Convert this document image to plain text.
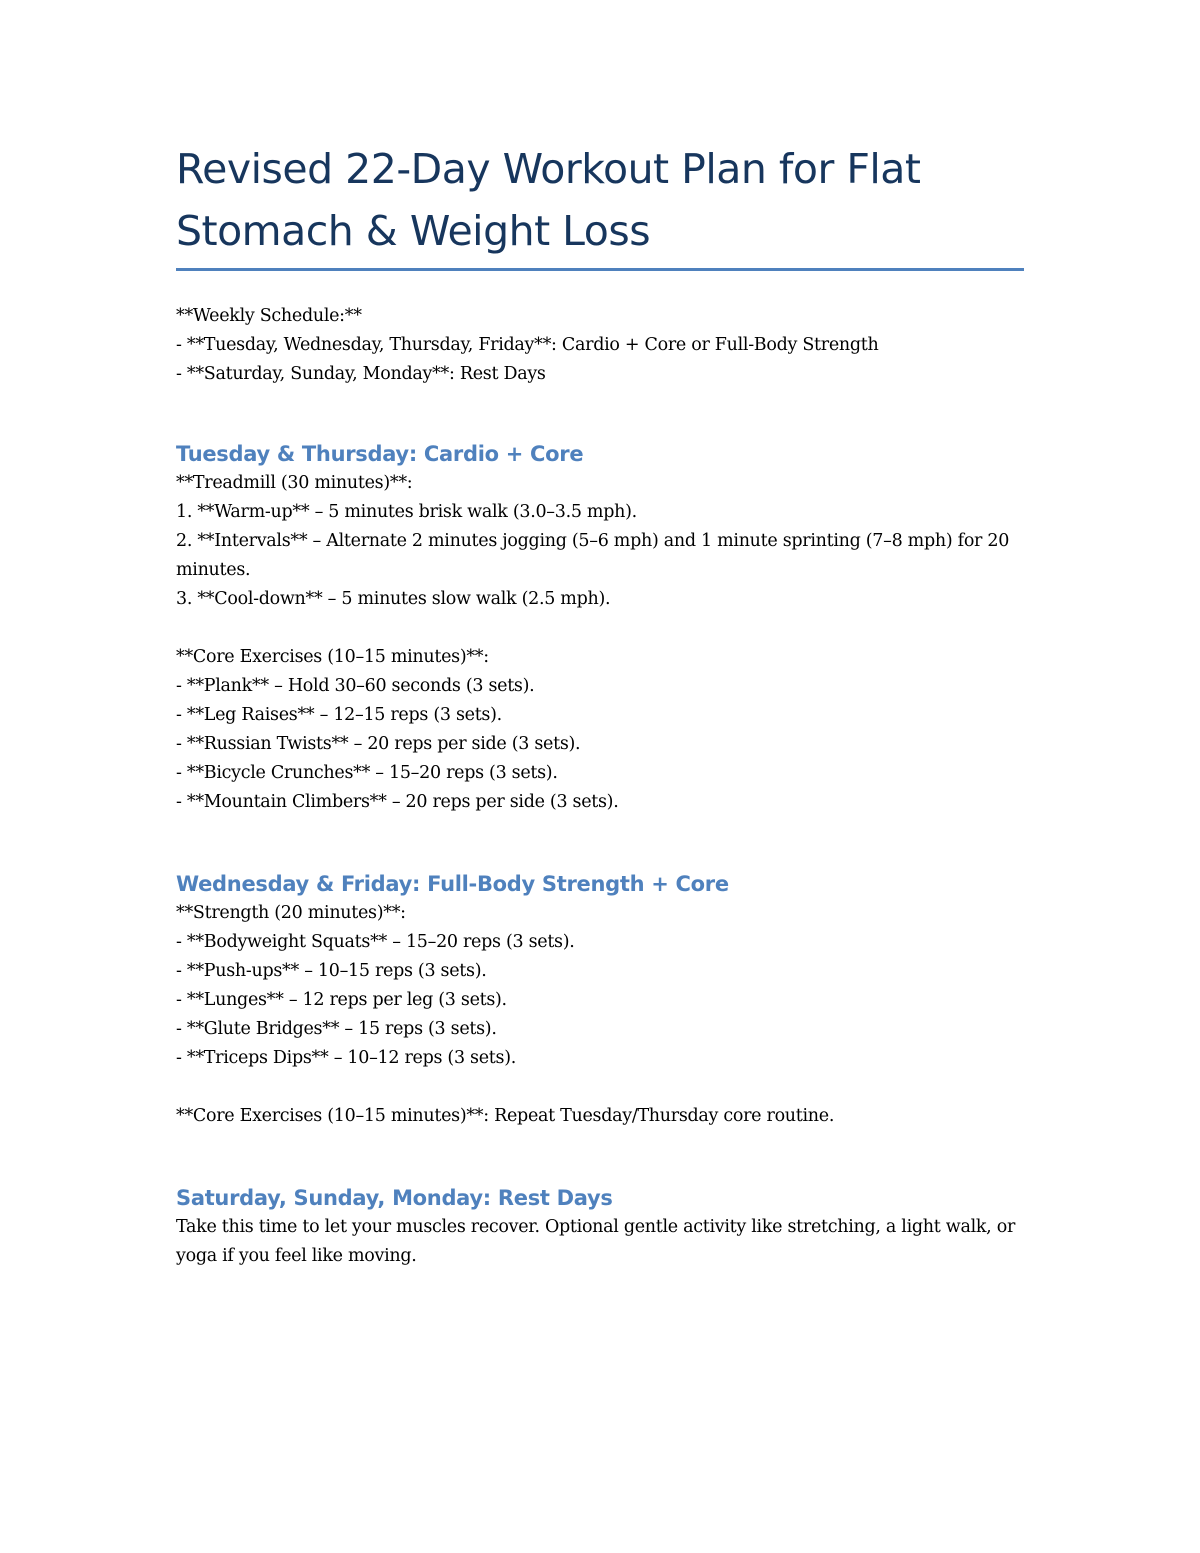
Revised 22-Day Workout Plan for Flat Stomach & Weight Loss
**Weekly Schedule:**
- **Tuesday, Wednesday, Thursday, Friday**: Cardio + Core or Full-Body Strength
- **Saturday, Sunday, Monday**: Rest Days
Tuesday & Thursday: Cardio + Core
**Treadmill (30 minutes)**:
1. **Warm-up** – 5 minutes brisk walk (3.0–3.5 mph).
2. **Intervals** – Alternate 2 minutes jogging (5–6 mph) and 1 minute sprinting (7–8 mph) for 20 minutes.
3. **Cool-down** – 5 minutes slow walk (2.5 mph).
**Core Exercises (10–15 minutes)**:
- **Plank** – Hold 30–60 seconds (3 sets).
- **Leg Raises** – 12–15 reps (3 sets).
- **Russian Twists** – 20 reps per side (3 sets).
- **Bicycle Crunches** – 15–20 reps (3 sets).
- **Mountain Climbers** – 20 reps per side (3 sets).
Wednesday & Friday: Full-Body Strength + Core
**Strength (20 minutes)**:
- **Bodyweight Squats** – 15–20 reps (3 sets).
- **Push-ups** – 10–15 reps (3 sets).
- **Lunges** – 12 reps per leg (3 sets).
- **Glute Bridges** – 15 reps (3 sets).
- **Triceps Dips** – 10–12 reps (3 sets).
**Core Exercises (10–15 minutes)**: Repeat Tuesday/Thursday core routine.
Saturday, Sunday, Monday: Rest Days
Take this time to let your muscles recover. Optional gentle activity like stretching, a light walk, or yoga if you feel like moving.
